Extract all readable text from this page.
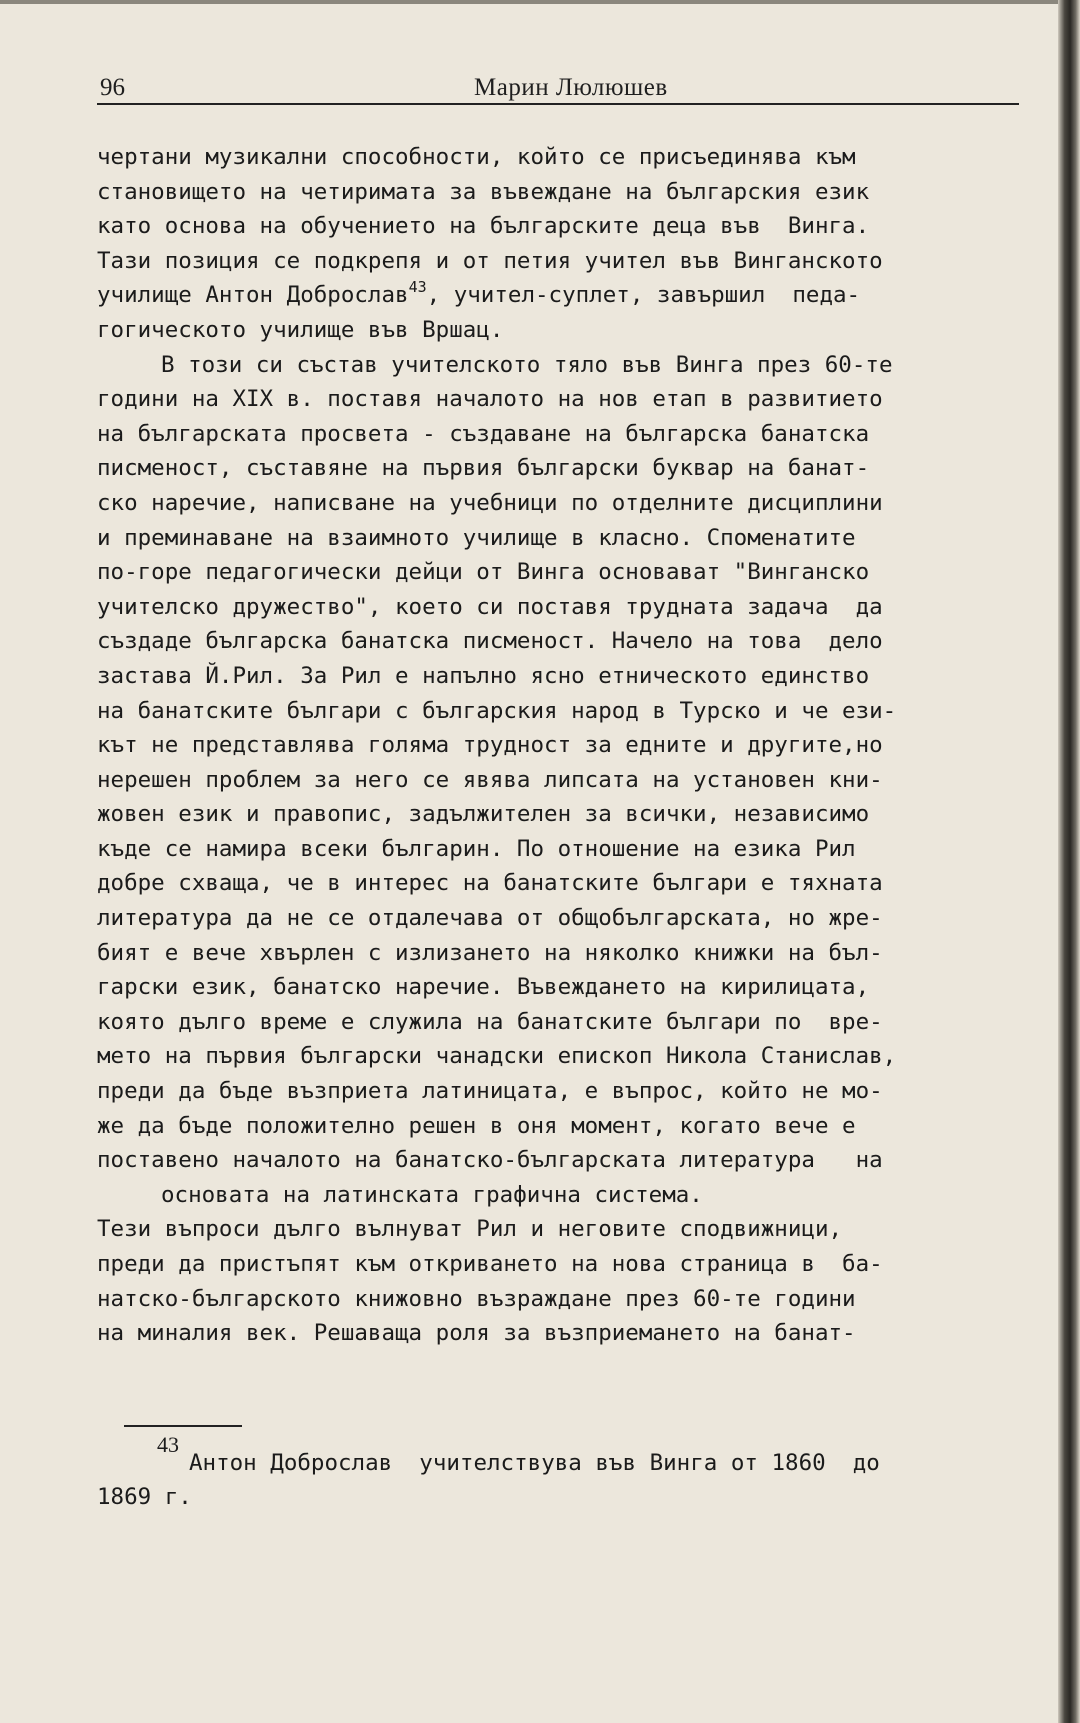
96	Марин Люлюшев
чертани музикални способности, който се присъединява към
становището на четиримата за въвеждане на българския език
като основа на обучението на българските деца във  Винга.
Тази позиция се подкрепя и от петия учител във Винганското
училище Антон Доброслав$^{43}$, учител-суплет, завършил  педа-
гогическото училище във Вршац.
В този си състав учителското тяло във Винга през 60-те
години на XIX в. поставя началото на нов етап в развитието
на българската просвета - създаване на българска банатска
писменост, съставяне на първия български буквар на банат-
ско наречие, написване на учебници по отделните дисциплини
и преминаване на взаимното училище в класно. Споменатите
по-горе педагогически дейци от Винга основават "Винганско
учителско дружество", което си поставя трудната задача  да
създаде българска банатска писменост. Начело на това  дело
застава Й.Рил. За Рил е напълно ясно етническото единство
на банатските българи с българския народ в Турско и че ези-
кът не представлява голяма трудност за едните и другите,но
нерешен проблем за него се явява липсата на установен кни-
жовен език и правопис, задължителен за всички, независимо
къде се намира всеки българин. По отношение на езика Рил
добре схваща, че в интерес на банатските българи е тяхната
литература да не се отдалечава от общобългарската, но жре-
бият е вече хвърлен с излизането на няколко книжки на бъл-
гарски език, банатско наречие. Въвеждането на кирилицата,
която дълго време е служила на банатските българи по  вре-
мето на първия български чанадски епископ Никола Станислав,
преди да бъде възприета латиницата, е въпрос, който не мо-
же да бъде положително решен в оня момент, когато вече е
поставено началото на банатско-българската литература   на
основата на латинската графична система.
Тези въпроси дълго вълнуват Рил и неговите сподвижници,
преди да пристъпят към откриването на нова страница в  ба-
натско-българското книжовно възраждане през 60-те години
на миналия век. Решаваща роля за възприемането на банат-
43
Антон Доброслав  учителствува във Винга от 1860  до
1869 г.
